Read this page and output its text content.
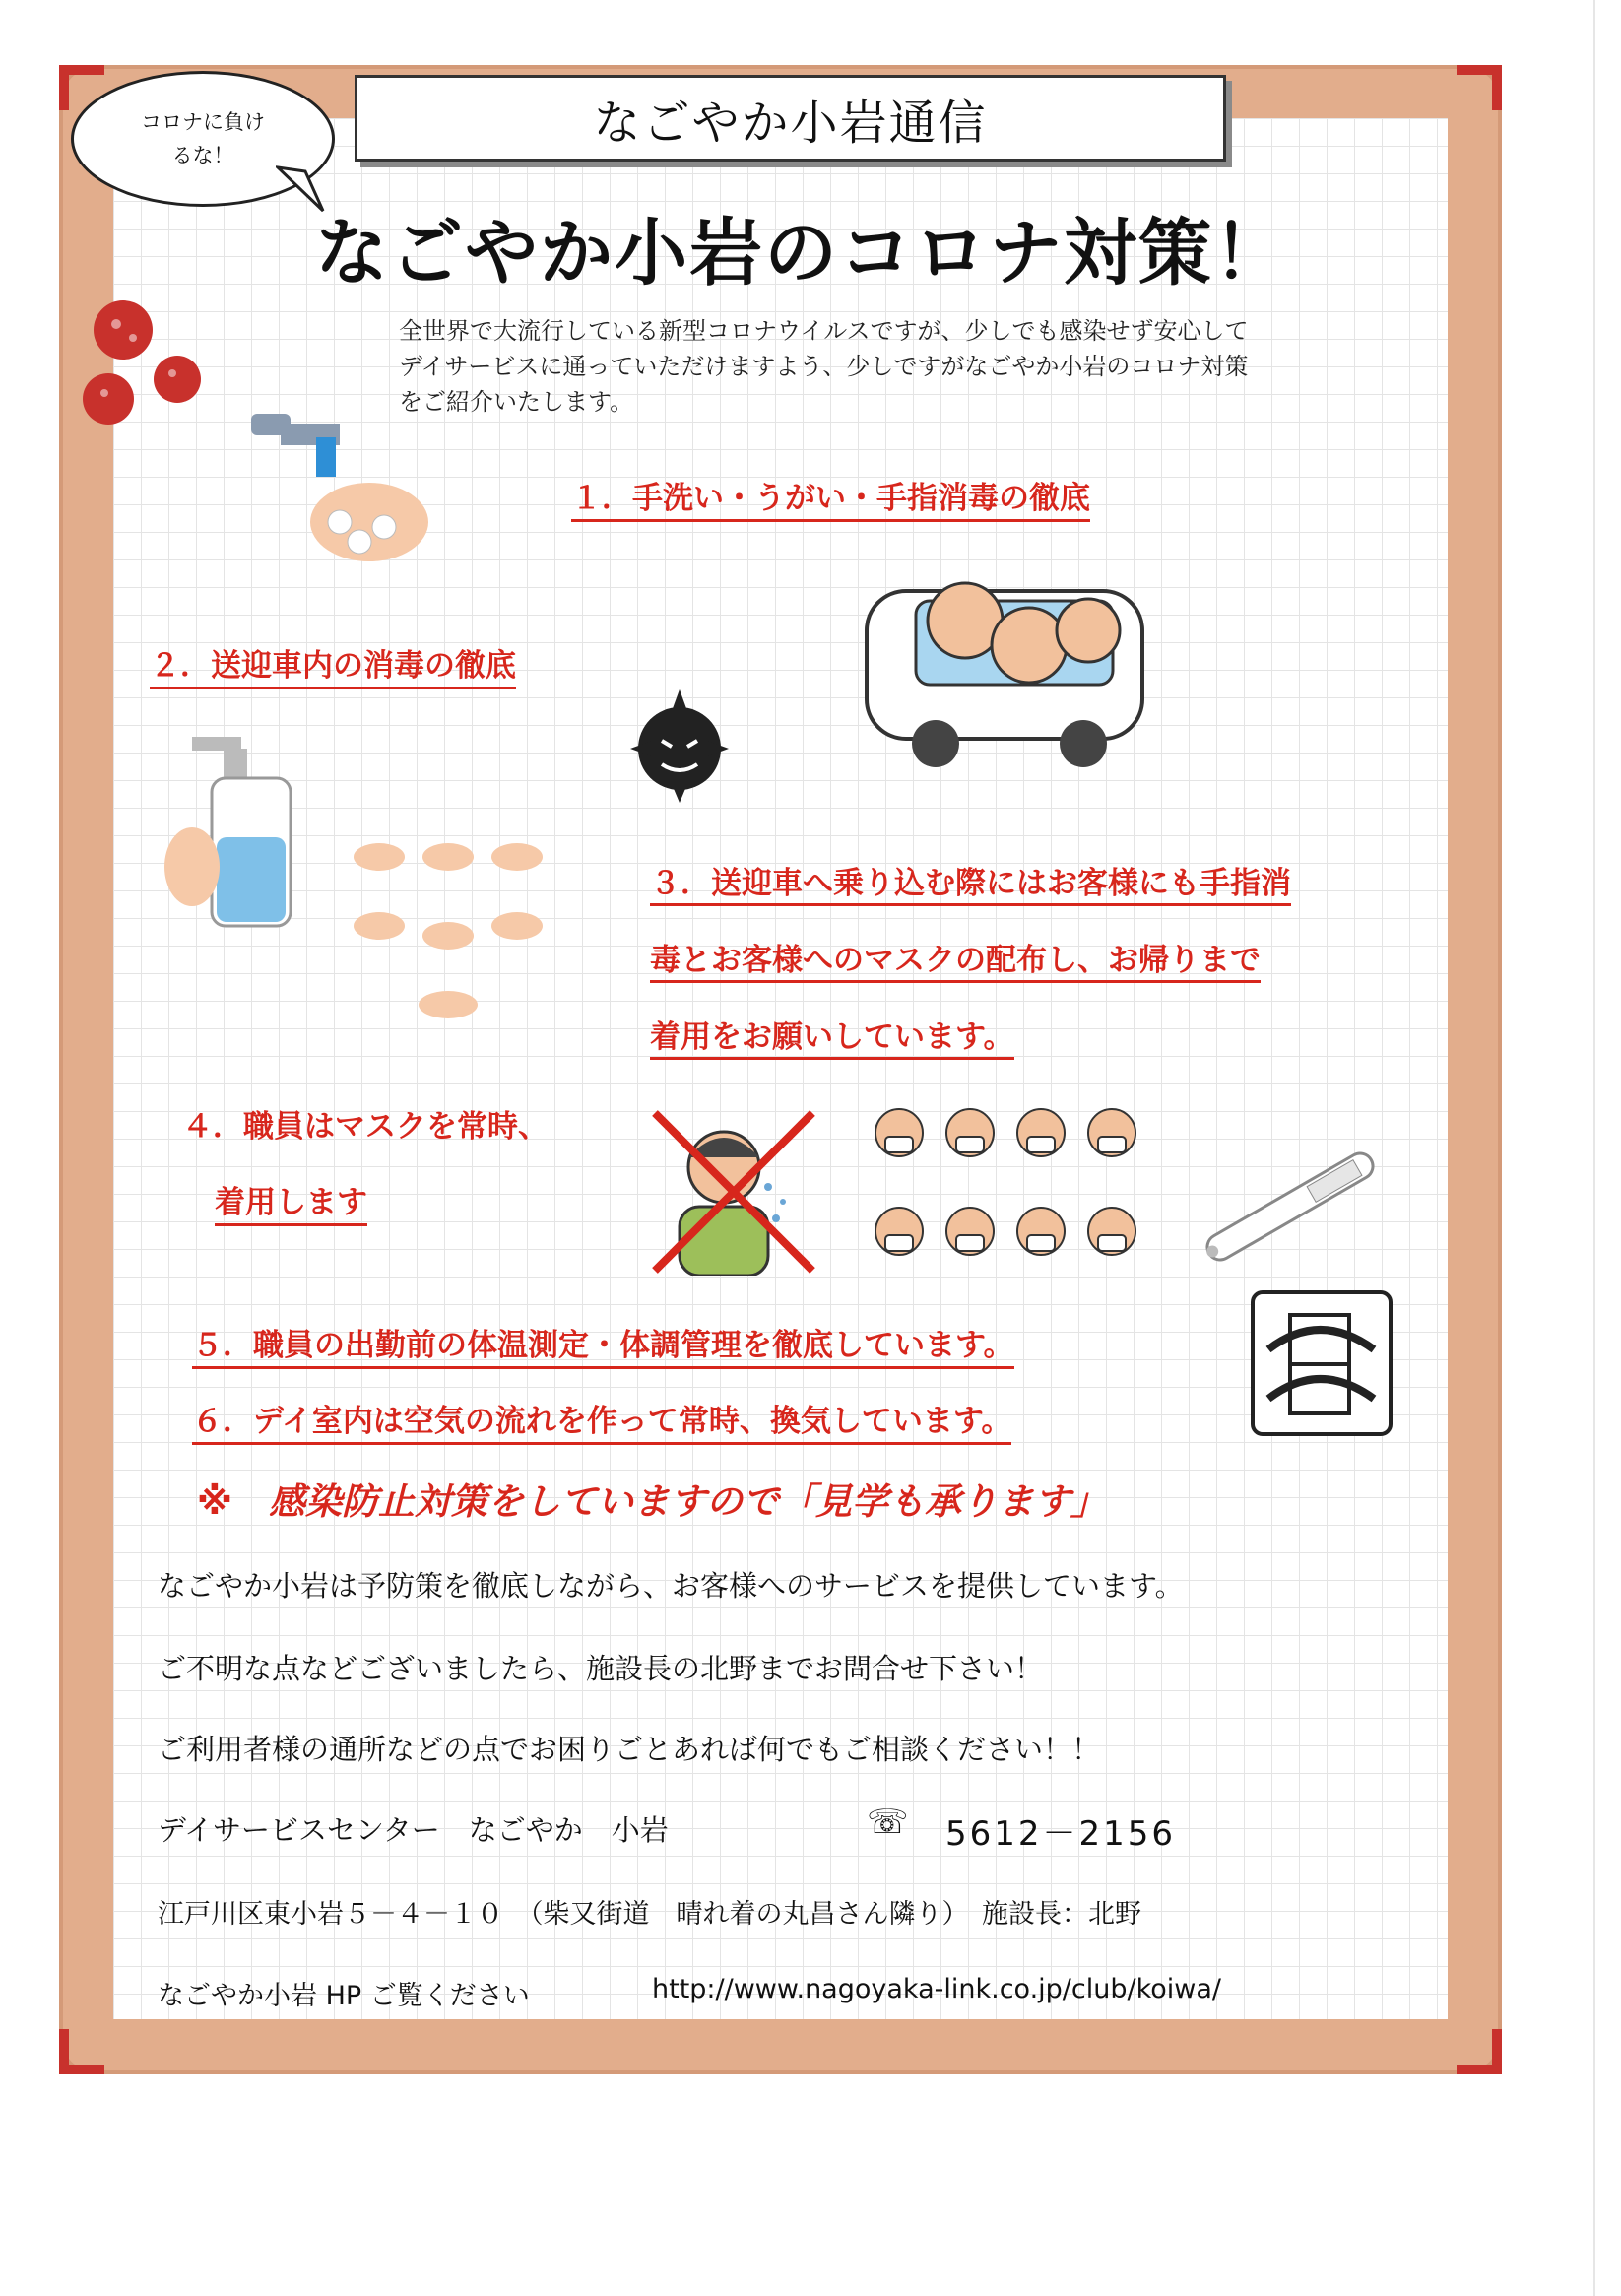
なごやか小岩通信
コロナに負け
るな！
なごやか小岩のコロナ対策！
全世界で大流行している新型コロナウイルスですが、少しでも感染せず安心して
デイサービスに通っていただけますよう、少しですがなごやか小岩のコロナ対策
をご紹介いたします。
１．手洗い・うがい・手指消毒の徹底
２．送迎車内の消毒の徹底
３．送迎車へ乗り込む際にはお客様にも手指消
毒とお客様へのマスクの配布し、お帰りまで
着用をお願いしています。
４．職員はマスクを常時、
着用します
５．職員の出勤前の体温測定・体調管理を徹底しています。
６．デイ室内は空気の流れを作って常時、換気しています。
※　感染防止対策をしていますので「見学も承ります」
なごやか小岩は予防策を徹底しながら、お客様へのサービスを提供しています。
ご不明な点などございましたら、施設長の北野までお問合せ下さい！
ご利用者様の通所などの点でお困りごとあれば何でもご相談ください！！
デイサービスセンター　なごやか　小岩	☏ 5612－2156
江戸川区東小岩５－４－１０　（柴又街道　晴れ着の丸昌さん隣り）　施設長：北野
なごやか小岩 HP ご覧ください	http://www.nagoyaka-link.co.jp/club/koiwa/
